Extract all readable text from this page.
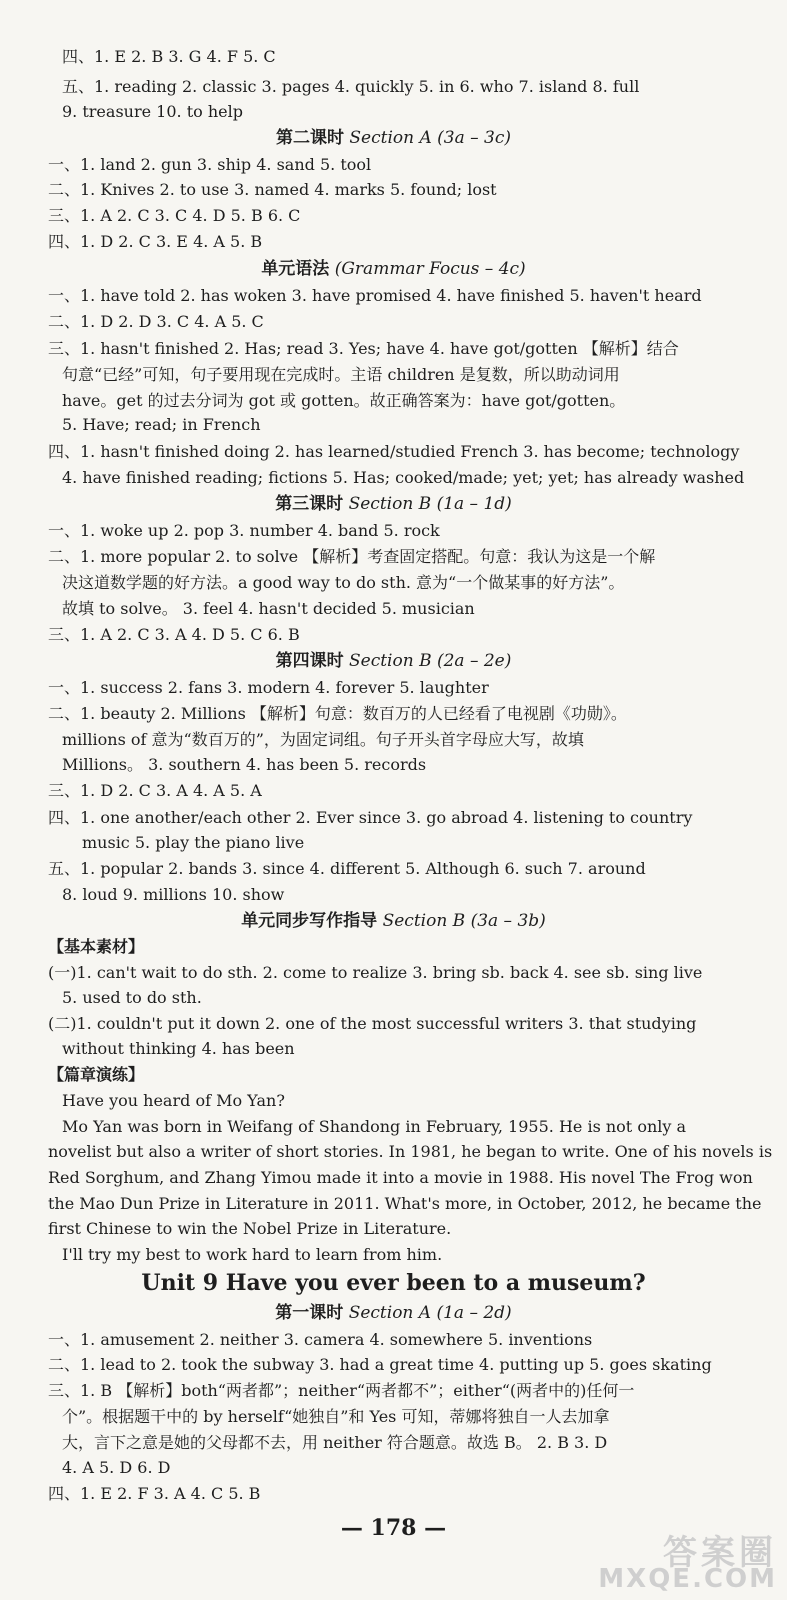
四、1. E 2. B 3. G 4. F 5. C
五、1. reading 2. classic 3. pages 4. quickly 5. in 6. who 7. island 8. full
9. treasure 10. to help
第二课时 Section A (3a – 3c)
一、1. land 2. gun 3. ship 4. sand 5. tool
二、1. Knives 2. to use 3. named 4. marks 5. found; lost
三、1. A 2. C 3. C 4. D 5. B 6. C
四、1. D 2. C 3. E 4. A 5. B
单元语法 (Grammar Focus – 4c)
一、1. have told 2. has woken 3. have promised 4. have finished 5. haven't heard
二、1. D 2. D 3. C 4. A 5. C
三、1. hasn't finished 2. Has; read 3. Yes; have 4. have got/gotten 【解析】结合
句意“已经”可知，句子要用现在完成时。主语 children 是复数，所以助动词用
have。get 的过去分词为 got 或 gotten。故正确答案为：have got/gotten。
5. Have; read; in French
四、1. hasn't finished doing 2. has learned/studied French 3. has become; technology
4. have finished reading; fictions 5. Has; cooked/made; yet; yet; has already washed
第三课时 Section B (1a – 1d)
一、1. woke up 2. pop 3. number 4. band 5. rock
二、1. more popular 2. to solve 【解析】考查固定搭配。句意：我认为这是一个解
决这道数学题的好方法。a good way to do sth. 意为“一个做某事的好方法”。
故填 to solve。 3. feel 4. hasn't decided 5. musician
三、1. A 2. C 3. A 4. D 5. C 6. B
第四课时 Section B (2a – 2e)
一、1. success 2. fans 3. modern 4. forever 5. laughter
二、1. beauty 2. Millions 【解析】句意：数百万的人已经看了电视剧《功勋》。
millions of 意为“数百万的”，为固定词组。句子开头首字母应大写，故填
Millions。 3. southern 4. has been 5. records
三、1. D 2. C 3. A 4. A 5. A
四、1. one another/each other 2. Ever since 3. go abroad 4. listening to country
music 5. play the piano live
五、1. popular 2. bands 3. since 4. different 5. Although 6. such 7. around
8. loud 9. millions 10. show
单元同步写作指导 Section B (3a – 3b)
【基本素材】
(一)1. can't wait to do sth. 2. come to realize 3. bring sb. back 4. see sb. sing live
5. used to do sth.
(二)1. couldn't put it down 2. one of the most successful writers 3. that studying
without thinking 4. has been
【篇章演练】
Have you heard of Mo Yan?
Mo Yan was born in Weifang of Shandong in February, 1955. He is not only a
novelist but also a writer of short stories. In 1981, he began to write. One of his novels is
Red Sorghum, and Zhang Yimou made it into a movie in 1988. His novel The Frog won
the Mao Dun Prize in Literature in 2011. What's more, in October, 2012, he became the
first Chinese to win the Nobel Prize in Literature.
I'll try my best to work hard to learn from him.
Unit 9 Have you ever been to a museum?
第一课时 Section A (1a – 2d)
一、1. amusement 2. neither 3. camera 4. somewhere 5. inventions
二、1. lead to 2. took the subway 3. had a great time 4. putting up 5. goes skating
三、1. B 【解析】both“两者都”；neither“两者都不”；either“(两者中的)任何一
个”。根据题干中的 by herself“她独自”和 Yes 可知，蒂娜将独自一人去加拿
大，言下之意是她的父母都不去，用 neither 符合题意。故选 B。 2. B 3. D
4. A 5. D 6. D
四、1. E 2. F 3. A 4. C 5. B
— 178 —
答案圈
MXQE.COM
